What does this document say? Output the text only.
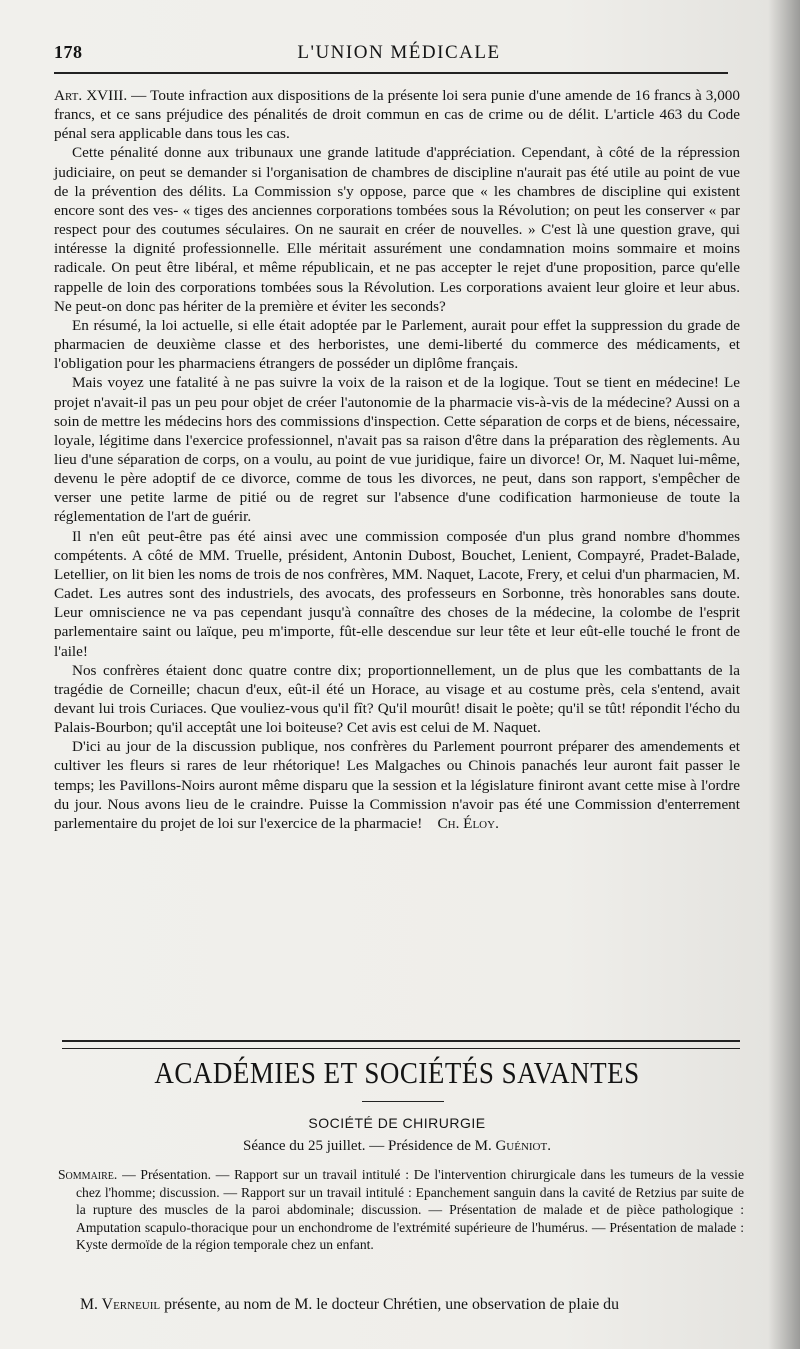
178	L'UNION MÉDICALE

Art. XVIII. — Toute infraction aux dispositions de la présente loi sera punie d'une amende de 16 francs à 3,000 francs, et ce sans préjudice des pénalités de droit commun en cas de crime ou de délit. L'article 463 du Code pénal sera applicable dans tous les cas.

Cette pénalité donne aux tribunaux une grande latitude d'appréciation. Cependant, à côté de la répression judiciaire, on peut se demander si l'organisation de chambres de discipline n'aurait pas été utile au point de vue de la prévention des délits. La Commission s'y oppose, parce que « les chambres de discipline qui existent encore sont des ves- « tiges des anciennes corporations tombées sous la Révolution; on peut les conserver « par respect pour des coutumes séculaires. On ne saurait en créer de nouvelles. » C'est là une question grave, qui intéresse la dignité professionnelle. Elle méritait assurément une condamnation moins sommaire et moins radicale. On peut être libéral, et même républicain, et ne pas accepter le rejet d'une proposition, parce qu'elle rappelle de loin des corporations tombées sous la Révolution. Les corporations avaient leur gloire et leur abus. Ne peut-on donc pas hériter de la première et éviter les seconds?

En résumé, la loi actuelle, si elle était adoptée par le Parlement, aurait pour effet la suppression du grade de pharmacien de deuxième classe et des herboristes, une demi-liberté du commerce des médicaments, et l'obligation pour les pharmaciens étrangers de posséder un diplôme français.

Mais voyez une fatalité à ne pas suivre la voix de la raison et de la logique. Tout se tient en médecine! Le projet n'avait-il pas un peu pour objet de créer l'autonomie de la pharmacie vis-à-vis de la médecine? Aussi on a soin de mettre les médecins hors des commissions d'inspection. Cette séparation de corps et de biens, nécessaire, loyale, légitime dans l'exercice professionnel, n'avait pas sa raison d'être dans la préparation des règlements. Au lieu d'une séparation de corps, on a voulu, au point de vue juridique, faire un divorce! Or, M. Naquet lui-même, devenu le père adoptif de ce divorce, comme de tous les divorces, ne peut, dans son rapport, s'empêcher de verser une petite larme de pitié ou de regret sur l'absence d'une codification harmonieuse de toute la réglementation de l'art de guérir.

Il n'en eût peut-être pas été ainsi avec une commission composée d'un plus grand nombre d'hommes compétents. A côté de MM. Truelle, président, Antonin Dubost, Bouchet, Lenient, Compayré, Pradet-Balade, Letellier, on lit bien les noms de trois de nos confrères, MM. Naquet, Lacote, Frery, et celui d'un pharmacien, M. Cadet. Les autres sont des industriels, des avocats, des professeurs en Sorbonne, très honorables sans doute. Leur omniscience ne va pas cependant jusqu'à connaître des choses de la médecine, la colombe de l'esprit parlementaire saint ou laïque, peu m'importe, fût-elle descendue sur leur tête et leur eût-elle touché le front de l'aile!

Nos confrères étaient donc quatre contre dix; proportionnellement, un de plus que les combattants de la tragédie de Corneille; chacun d'eux, eût-il été un Horace, au visage et au costume près, cela s'entend, avait devant lui trois Curiaces. Que vouliez-vous qu'il fît? Qu'il mourût! disait le poète; qu'il se tût! répondit l'écho du Palais-Bourbon; qu'il acceptât une loi boiteuse? Cet avis est celui de M. Naquet.

D'ici au jour de la discussion publique, nos confrères du Parlement pourront préparer des amendements et cultiver les fleurs si rares de leur rhétorique! Les Malgaches ou Chinois panachés leur auront fait passer le temps; les Pavillons-Noirs auront même disparu que la session et la législature finiront avant cette mise à l'ordre du jour. Nous avons lieu de le craindre. Puisse la Commission n'avoir pas été une Commission d'enterrement parlementaire du projet de loi sur l'exercice de la pharmacie! Ch. Éloy.

ACADÉMIES ET SOCIÉTÉS SAVANTES
SOCIÉTÉ DE CHIRURGIE
Séance du 25 juillet. — Présidence de M. Guéniot.

Sommaire. — Présentation. — Rapport sur un travail intitulé : De l'intervention chirurgicale dans les tumeurs de la vessie chez l'homme; discussion. — Rapport sur un travail intitulé : Epanchement sanguin dans la cavité de Retzius par suite de la rupture des muscles de la paroi abdominale; discussion. — Présentation de malade et de pièce pathologique : Amputation scapulo-thoracique pour un enchondrome de l'extrémité supérieure de l'humérus. — Présentation de malade : Kyste dermoïde de la région temporale chez un enfant.

M. Verneuil présente, au nom de M. le docteur Chrétien, une observation de plaie du
